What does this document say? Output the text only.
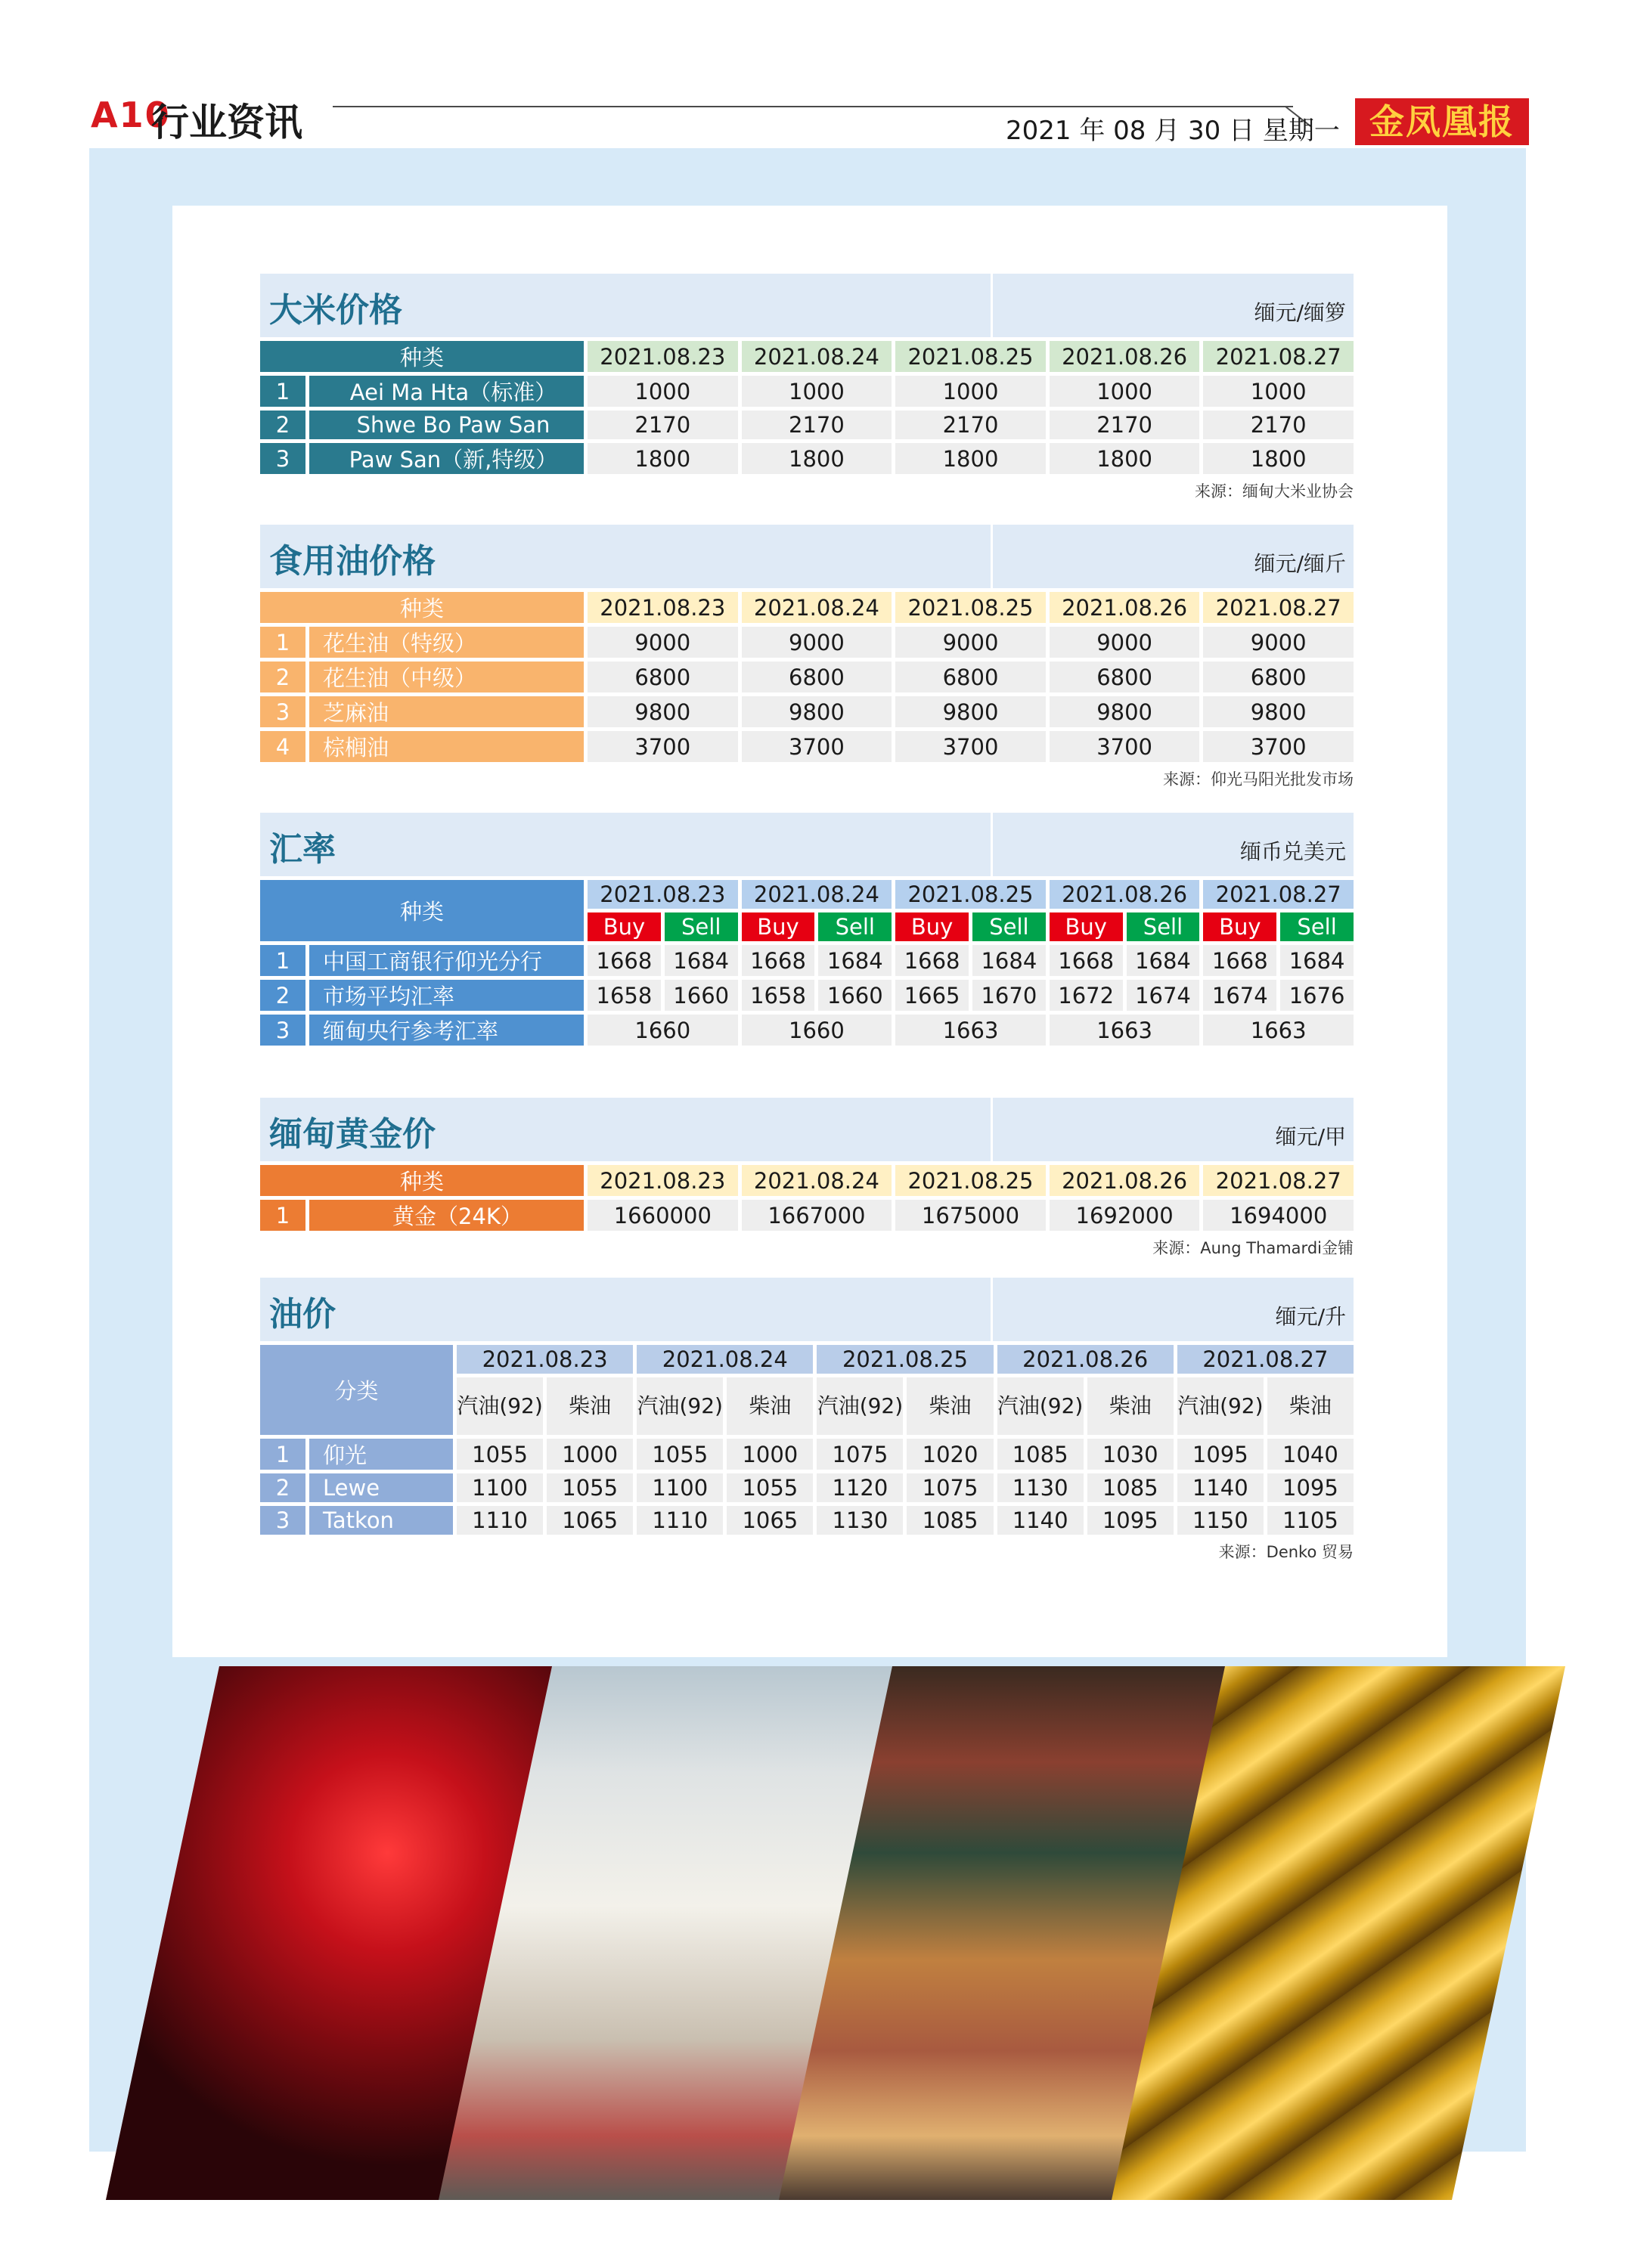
A10
行业资讯	2021 年 08 月 30 日 星期一 金凤凰报
大米价格	缅元/缅箩
种类		2021.08.23	2021.08.24	2021.08.25	2021.08.26	2021.08.27
1	Aei Ma Hta（标准）	1000	1000	1000	1000	1000
2	Shwe Bo Paw San	2170	2170	2170	2170	2170
3	Paw San（新,特级）	1800	1800	1800	1800	1800
来源：缅甸大米业协会
食用油价格	缅元/缅斤
种类		2021.08.23	2021.08.24	2021.08.25	2021.08.26	2021.08.27
1	花生油（特级）	9000	9000	9000	9000	9000
2	花生油（中级）	6800	6800	6800	6800	6800
3	芝麻油	9800	9800	9800	9800	9800
4	棕榈油	3700	3700	3700	3700	3700
来源：仰光马阳光批发市场
汇率	缅币兑美元
种类		2021.08.23		2021.08.24		2021.08.25		2021.08.26		2021.08.27	
		Buy	Sell	Buy	Sell	Buy	Sell	Buy	Sell	Buy	Sell
1	中国工商银行仰光分行	1668	1684	1668	1684	1668	1684	1668	1684	1668	1684
2	市场平均汇率	1658	1660	1658	1660	1665	1670	1672	1674	1674	1676
3	缅甸央行参考汇率	1660		1660		1663		1663		1663	
缅甸黄金价	缅元/甲
种类		2021.08.23	2021.08.24	2021.08.25	2021.08.26	2021.08.27
1	黄金（24K）	1660000	1667000	1675000	1692000	1694000
来源：Aung Thamardi金铺
油价	缅元/升
分类		2021.08.23		2021.08.24		2021.08.25		2021.08.26		2021.08.27	
		汽油(92)	柴油	汽油(92)	柴油	汽油(92)	柴油	汽油(92)	柴油	汽油(92)	柴油
1	仰光	1055	1000	1055	1000	1075	1020	1085	1030	1095	1040
2	Lewe	1100	1055	1100	1055	1120	1075	1130	1085	1140	1095
3	Tatkon	1110	1065	1110	1065	1130	1085	1140	1095	1150	1105
来源：Denko 贸易
